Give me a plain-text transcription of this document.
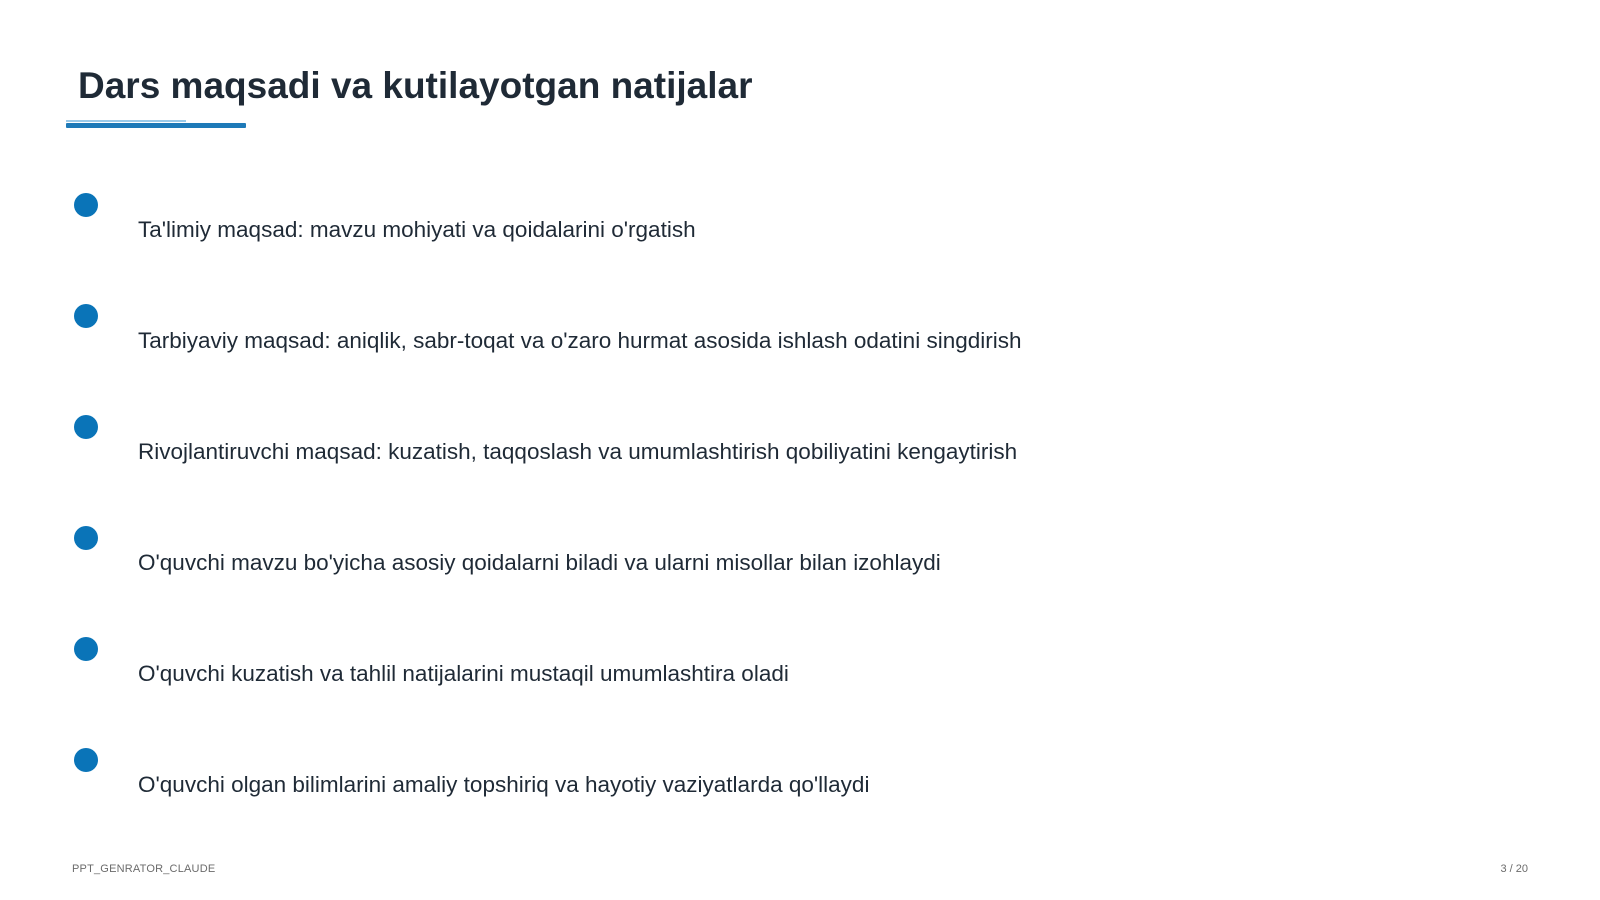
Dars maqsadi va kutilayotgan natijalar
Ta'limiy maqsad: mavzu mohiyati va qoidalarini o'rgatish
Tarbiyaviy maqsad: aniqlik, sabr-toqat va o'zaro hurmat asosida ishlash odatini singdirish
Rivojlantiruvchi maqsad: kuzatish, taqqoslash va umumlashtirish qobiliyatini kengaytirish
O'quvchi mavzu bo'yicha asosiy qoidalarni biladi va ularni misollar bilan izohlaydi
O'quvchi kuzatish va tahlil natijalarini mustaqil umumlashtira oladi
O'quvchi olgan bilimlarini amaliy topshiriq va hayotiy vaziyatlarda qo'llaydi
PPT_GENRATOR_CLAUDE	3 / 20
